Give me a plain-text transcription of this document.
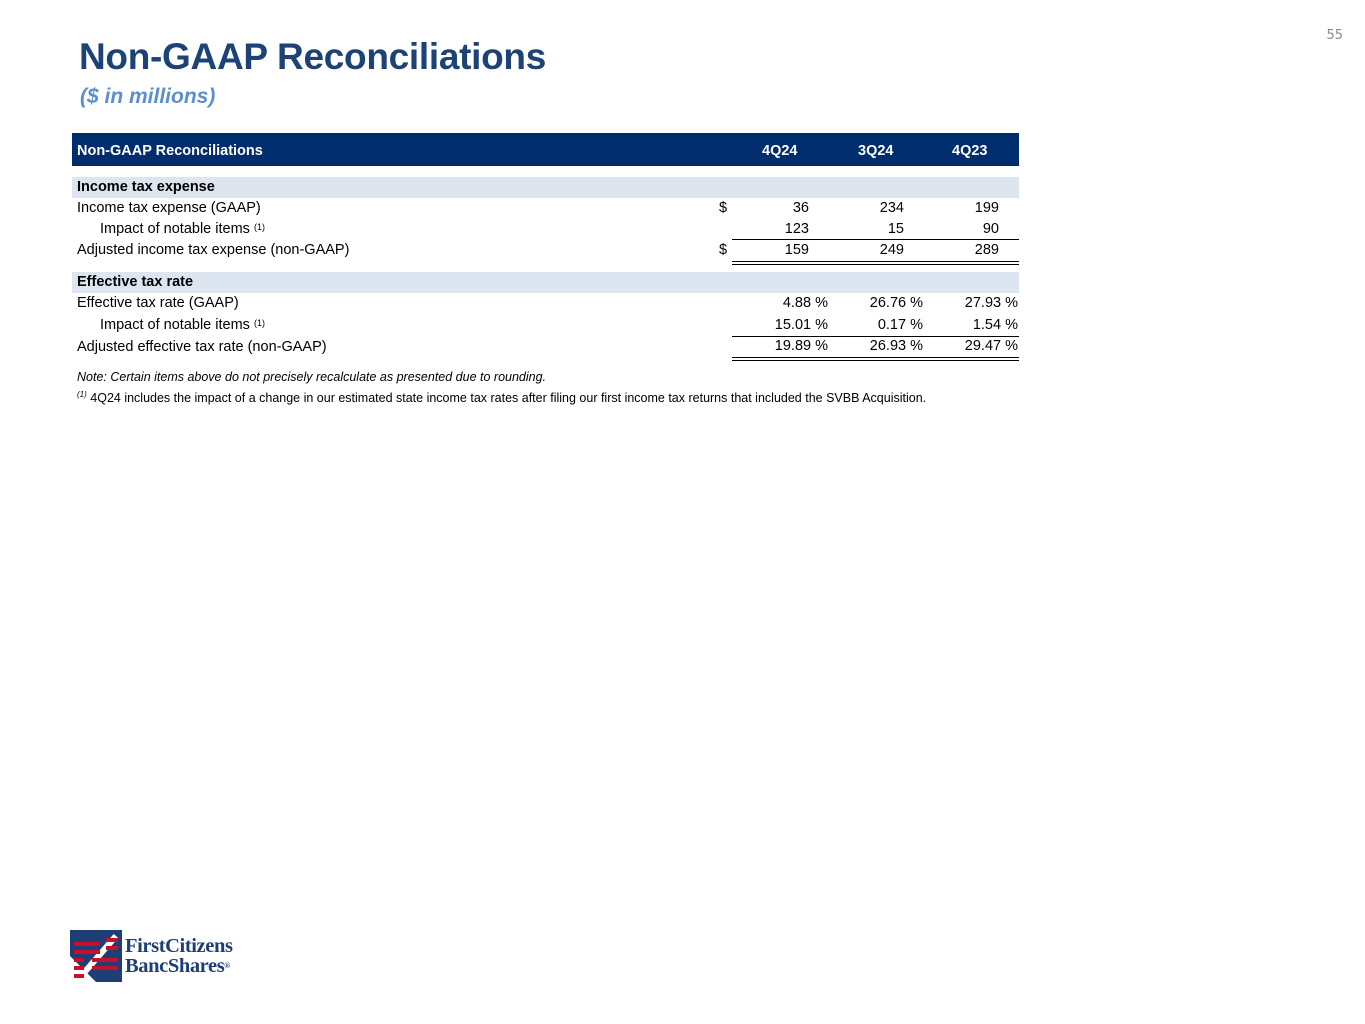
55
Non-GAAP Reconciliations
($ in millions)
Non-GAAP Reconciliations	4Q24	3Q24	4Q23
Income tax expense
Income tax expense (GAAP)	$	36	234	199
Impact of notable items $^{(1)}$	123	15	90
Adjusted income tax expense (non-GAAP)	$	159	249	289
Effective tax rate
Effective tax rate (GAAP)	4.88 %	26.76 %	27.93 %
Impact of notable items $^{(1)}$	15.01 %	0.17 %	1.54 %
Adjusted effective tax rate (non-GAAP)	19.89 %	26.93 %	29.47 %
Note: Certain items above do not precisely recalculate as presented due to rounding.
$^{(1)}$ 4Q24 includes the impact of a change in our estimated state income tax rates after filing our first income tax returns that included the SVBB Acquisition.
FirstCitizens
BancShares®
